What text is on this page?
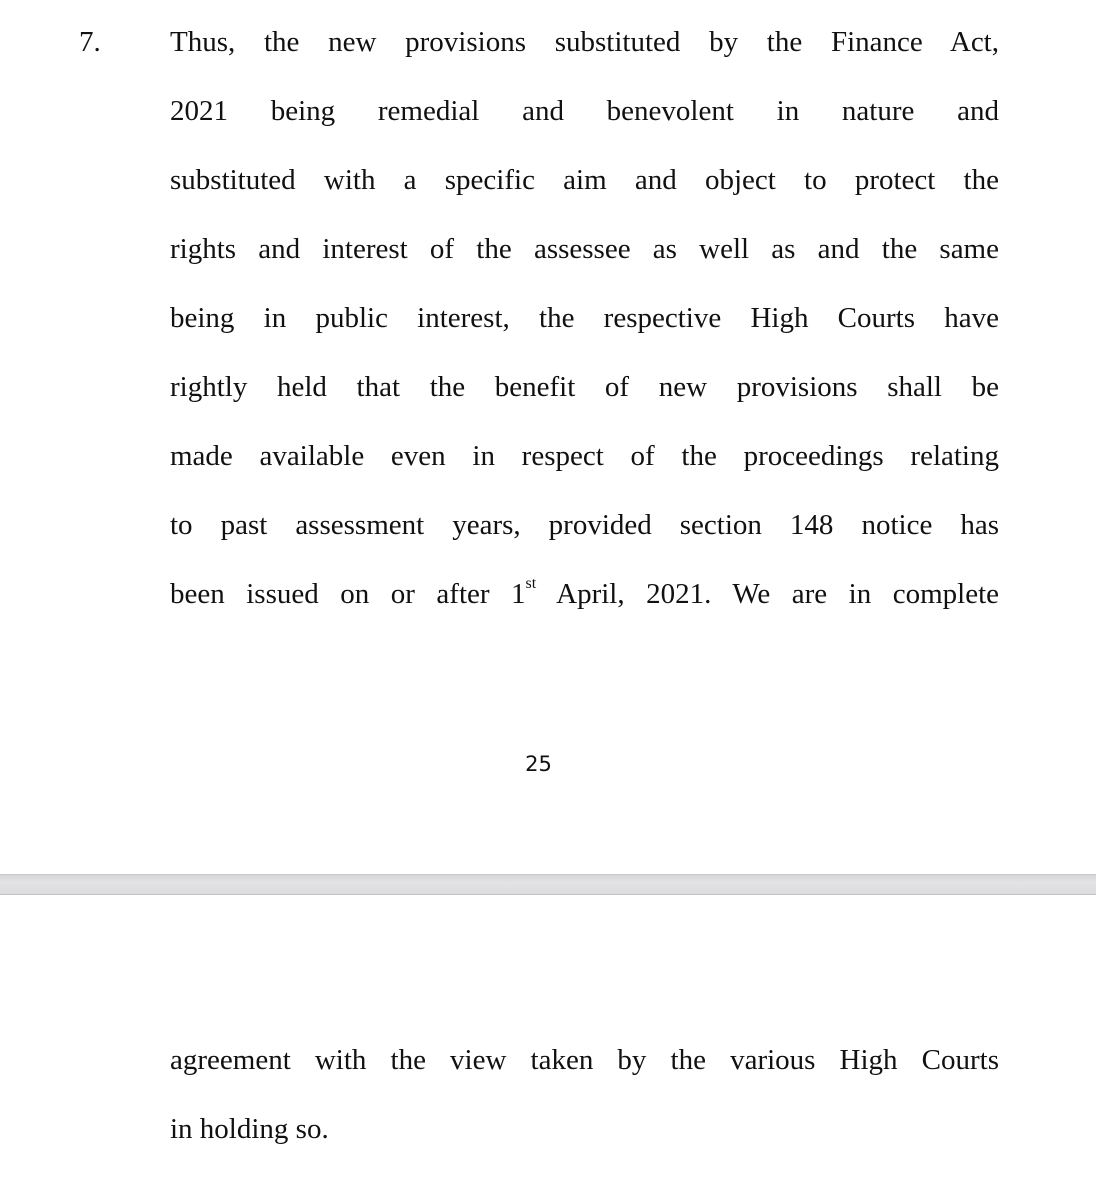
7. Thus, the new provisions substituted by the Finance Act,
2021 being remedial and benevolent in nature and
substituted with a specific aim and object to protect the
rights and interest of the assessee as well as and the same
being in public interest, the respective High Courts have
rightly held that the benefit of new provisions shall be
made available even in respect of the proceedings relating
to past assessment years, provided section 148 notice has
been issued on or after 1st April, 2021. We are in complete
25
agreement with the view taken by the various High Courts
in holding so.
